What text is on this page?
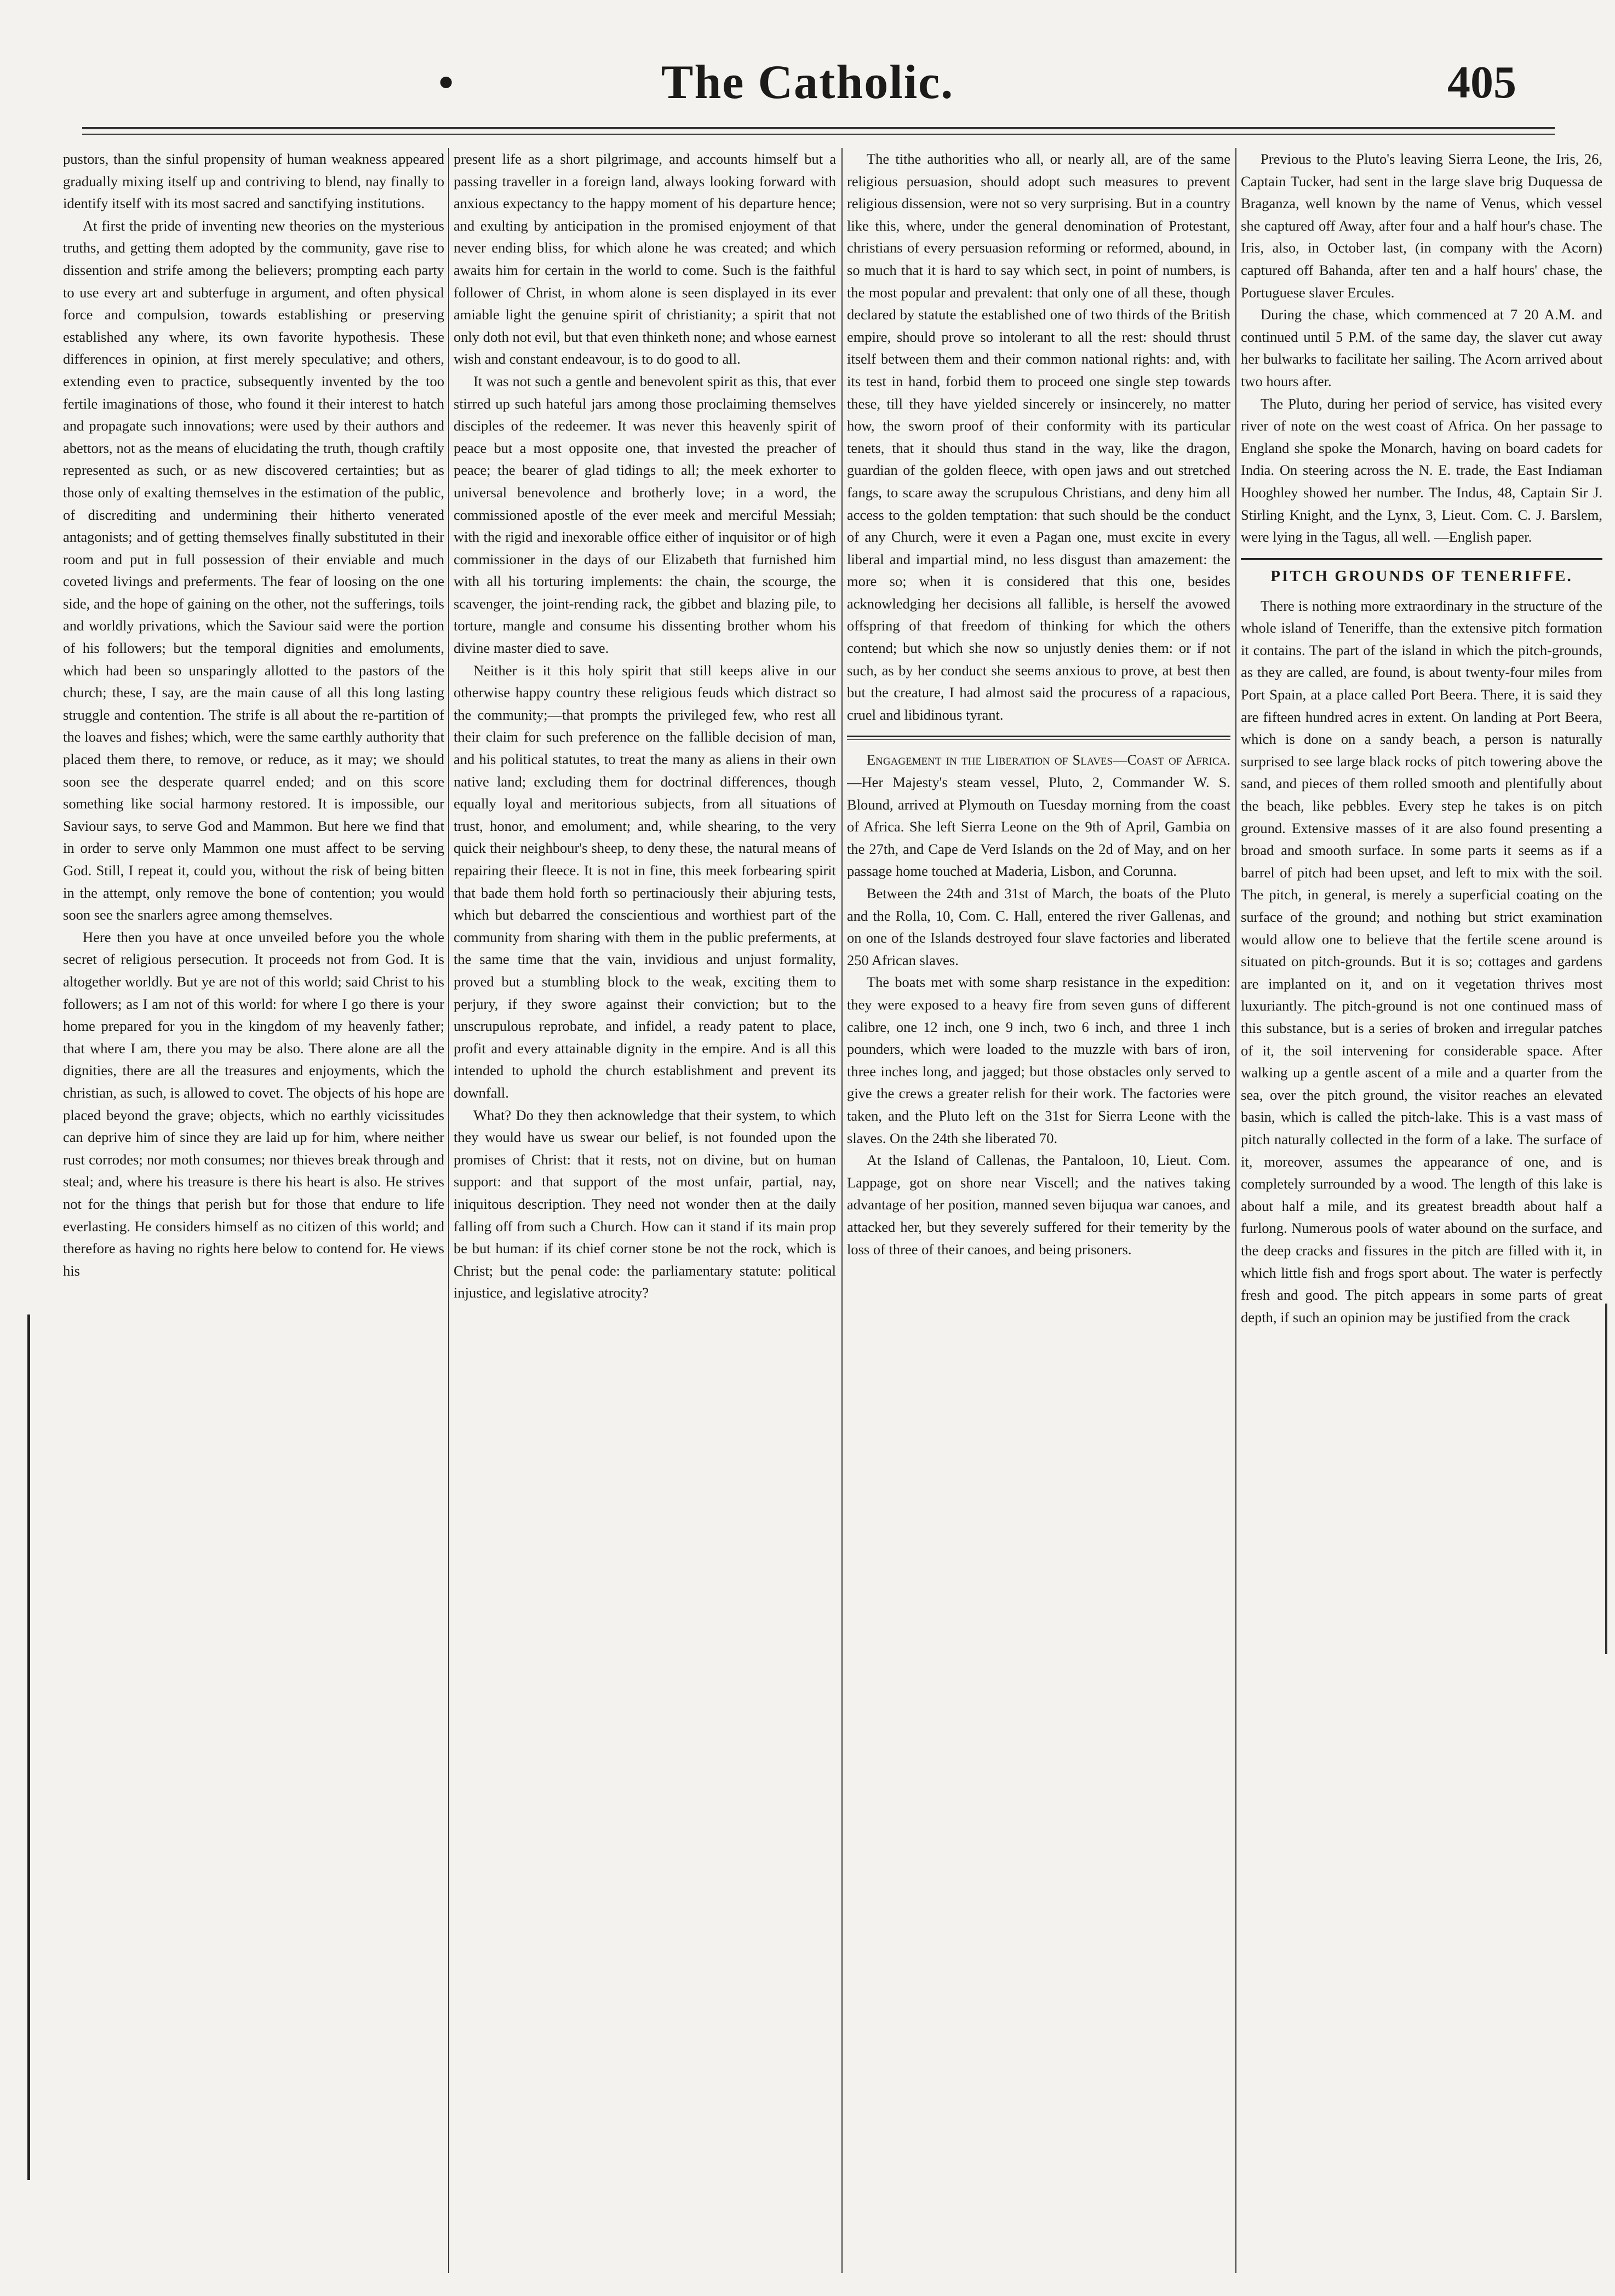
•	The Catholic.	405

pustors, than the sinful propensity of human weakness appeared gradually mixing itself up and contriving to blend, nay finally to identify itself with its most sacred and sanctifying institutions.

At first the pride of inventing new theories on the mysterious truths, and getting them adopted by the community, gave rise to dissention and strife among the believers; prompting each party to use every art and subterfuge in argument, and often physical force and compulsion, towards establishing or preserving established any where, its own favorite hypothesis. These differences in opinion, at first merely speculative; and others, extending even to practice, subsequently invented by the too fertile imaginations of those, who found it their interest to hatch and propagate such innovations; were used by their authors and abettors, not as the means of elucidating the truth, though craftily represented as such, or as new discovered certainties; but as those only of exalting themselves in the estimation of the public, of discrediting and undermining their hitherto venerated antagonists; and of getting themselves finally substituted in their room and put in full possession of their enviable and much coveted livings and preferments. The fear of loosing on the one side, and the hope of gaining on the other, not the sufferings, toils and worldly privations, which the Saviour said were the portion of his followers; but the temporal dignities and emoluments, which had been so unsparingly allotted to the pastors of the church; these, I say, are the main cause of all this long lasting struggle and contention. The strife is all about the re-partition of the loaves and fishes; which, were the same earthly authority that placed them there, to remove, or reduce, as it may; we should soon see the desperate quarrel ended; and on this score something like social harmony restored. It is impossible, our Saviour says, to serve God and Mammon. But here we find that in order to serve only Mammon one must affect to be serving God. Still, I repeat it, could you, without the risk of being bitten in the attempt, only remove the bone of contention; you would soon see the snarlers agree among themselves.

Here then you have at once unveiled before you the whole secret of religious persecution. It proceeds not from God. It is altogether worldly. But ye are not of this world; said Christ to his followers; as I am not of this world: for where I go there is your home prepared for you in the kingdom of my heavenly father; that where I am, there you may be also. There alone are all the dignities, there are all the treasures and enjoyments, which the christian, as such, is allowed to covet. The objects of his hope are placed beyond the grave; objects, which no earthly vicissitudes can deprive him of since they are laid up for him, where neither rust corrodes; nor moth consumes; nor thieves break through and steal; and, where his treasure is there his heart is also. He strives not for the things that perish but for those that endure to life everlasting. He considers himself as no citizen of this world; and therefore as having no rights here below to contend for. He views his

present life as a short pilgrimage, and accounts himself but a passing traveller in a foreign land, always looking forward with anxious expectancy to the happy moment of his departure hence; and exulting by anticipation in the promised enjoyment of that never ending bliss, for which alone he was created; and which awaits him for certain in the world to come. Such is the faithful follower of Christ, in whom alone is seen displayed in its ever amiable light the genuine spirit of christianity; a spirit that not only doth not evil, but that even thinketh none; and whose earnest wish and constant endeavour, is to do good to all.

It was not such a gentle and benevolent spirit as this, that ever stirred up such hateful jars among those proclaiming themselves disciples of the redeemer. It was never this heavenly spirit of peace but a most opposite one, that invested the preacher of peace; the bearer of glad tidings to all; the meek exhorter to universal benevolence and brotherly love; in a word, the commissioned apostle of the ever meek and merciful Messiah; with the rigid and inexorable office either of inquisitor or of high commissioner in the days of our Elizabeth that furnished him with all his torturing implements: the chain, the scourge, the scavenger, the joint-rending rack, the gibbet and blazing pile, to torture, mangle and consume his dissenting brother whom his divine master died to save.

Neither is it this holy spirit that still keeps alive in our otherwise happy country these religious feuds which distract so the community;—that prompts the privileged few, who rest all their claim for such preference on the fallible decision of man, and his political statutes, to treat the many as aliens in their own native land; excluding them for doctrinal differences, though equally loyal and meritorious subjects, from all situations of trust, honor, and emolument; and, while shearing, to the very quick their neighbour's sheep, to deny these, the natural means of repairing their fleece. It is not in fine, this meek forbearing spirit that bade them hold forth so pertinaciously their abjuring tests, which but debarred the conscientious and worthiest part of the community from sharing with them in the public preferments, at the same time that the vain, invidious and unjust formality, proved but a stumbling block to the weak, exciting them to perjury, if they swore against their conviction; but to the unscrupulous reprobate, and infidel, a ready patent to place, profit and every attainable dignity in the empire. And is all this intended to uphold the church establishment and prevent its downfall.

What? Do they then acknowledge that their system, to which they would have us swear our belief, is not founded upon the promises of Christ: that it rests, not on divine, but on human support: and that support of the most unfair, partial, nay, iniquitous description. They need not wonder then at the daily falling off from such a Church. How can it stand if its main prop be but human: if its chief corner stone be not the rock, which is Christ; but the penal code: the parliamentary statute: political injustice, and legislative atrocity?

The tithe authorities who all, or nearly all, are of the same religious persuasion, should adopt such measures to prevent religious dissension, were not so very surprising. But in a country like this, where, under the general denomination of Protestant, christians of every persuasion reforming or reformed, abound, in so much that it is hard to say which sect, in point of numbers, is the most popular and prevalent: that only one of all these, though declared by statute the established one of two thirds of the British empire, should prove so intolerant to all the rest: should thrust itself between them and their common national rights: and, with its test in hand, forbid them to proceed one single step towards these, till they have yielded sincerely or insincerely, no matter how, the sworn proof of their conformity with its particular tenets, that it should thus stand in the way, like the dragon, guardian of the golden fleece, with open jaws and out stretched fangs, to scare away the scrupulous Christians, and deny him all access to the golden temptation: that such should be the conduct of any Church, were it even a Pagan one, must excite in every liberal and impartial mind, no less disgust than amazement: the more so; when it is considered that this one, besides acknowledging her decisions all fallible, is herself the avowed offspring of that freedom of thinking for which the others contend; but which she now so unjustly denies them: or if not such, as by her conduct she seems anxious to prove, at best then but the creature, I had almost said the procuress of a rapacious, cruel and libidinous tyrant.

Engagement in the Liberation of Slaves—Coast of Africa.—Her Majesty's steam vessel, Pluto, 2, Commander W. S. Blound, arrived at Plymouth on Tuesday morning from the coast of Africa. She left Sierra Leone on the 9th of April, Gambia on the 27th, and Cape de Verd Islands on the 2d of May, and on her passage home touched at Maderia, Lisbon, and Corunna.

Between the 24th and 31st of March, the boats of the Pluto and the Rolla, 10, Com. C. Hall, entered the river Gallenas, and on one of the Islands destroyed four slave factories and liberated 250 African slaves.

The boats met with some sharp resistance in the expedition: they were exposed to a heavy fire from seven guns of different calibre, one 12 inch, one 9 inch, two 6 inch, and three 1 inch pounders, which were loaded to the muzzle with bars of iron, three inches long, and jagged; but those obstacles only served to give the crews a greater relish for their work. The factories were taken, and the Pluto left on the 31st for Sierra Leone with the slaves. On the 24th she liberated 70.

At the Island of Callenas, the Pantaloon, 10, Lieut. Com. Lappage, got on shore near Viscell; and the natives taking advantage of her position, manned seven bijuqua war canoes, and attacked her, but they severely suffered for their temerity by the loss of three of their canoes, and being prisoners.

Previous to the Pluto's leaving Sierra Leone, the Iris, 26, Captain Tucker, had sent in the large slave brig Duquessa de Braganza, well known by the name of Venus, which vessel she captured off Away, after four and a half hour's chase. The Iris, also, in October last, (in company with the Acorn) captured off Bahanda, after ten and a half hours' chase, the Portuguese slaver Ercules.

During the chase, which commenced at 7 20 A.M. and continued until 5 P.M. of the same day, the slaver cut away her bulwarks to facilitate her sailing. The Acorn arrived about two hours after.

The Pluto, during her period of service, has visited every river of note on the west coast of Africa. On her passage to England she spoke the Monarch, having on board cadets for India. On steering across the N. E. trade, the East Indiaman Hooghley showed her number. The Indus, 48, Captain Sir J. Stirling Knight, and the Lynx, 3, Lieut. Com. C. J. Barslem, were lying in the Tagus, all well. —English paper.

PITCH GROUNDS OF TENERIFFE.

There is nothing more extraordinary in the structure of the whole island of Teneriffe, than the extensive pitch formation it contains. The part of the island in which the pitch-grounds, as they are called, are found, is about twenty-four miles from Port Spain, at a place called Port Beera. There, it is said they are fifteen hundred acres in extent. On landing at Port Beera, which is done on a sandy beach, a person is naturally surprised to see large black rocks of pitch towering above the sand, and pieces of them rolled smooth and plentifully about the beach, like pebbles. Every step he takes is on pitch ground. Extensive masses of it are also found presenting a broad and smooth surface. In some parts it seems as if a barrel of pitch had been upset, and left to mix with the soil. The pitch, in general, is merely a superficial coating on the surface of the ground; and nothing but strict examination would allow one to believe that the fertile scene around is situated on pitch-grounds. But it is so; cottages and gardens are implanted on it, and on it vegetation thrives most luxuriantly. The pitch-ground is not one continued mass of this substance, but is a series of broken and irregular patches of it, the soil intervening for considerable space. After walking up a gentle ascent of a mile and a quarter from the sea, over the pitch ground, the visitor reaches an elevated basin, which is called the pitch-lake. This is a vast mass of pitch naturally collected in the form of a lake. The surface of it, moreover, assumes the appearance of one, and is completely surrounded by a wood. The length of this lake is about half a mile, and its greatest breadth about half a furlong. Numerous pools of water abound on the surface, and the deep cracks and fissures in the pitch are filled with it, in which little fish and frogs sport about. The water is perfectly fresh and good. The pitch appears in some parts of great depth, if such an opinion may be justified from the crack
